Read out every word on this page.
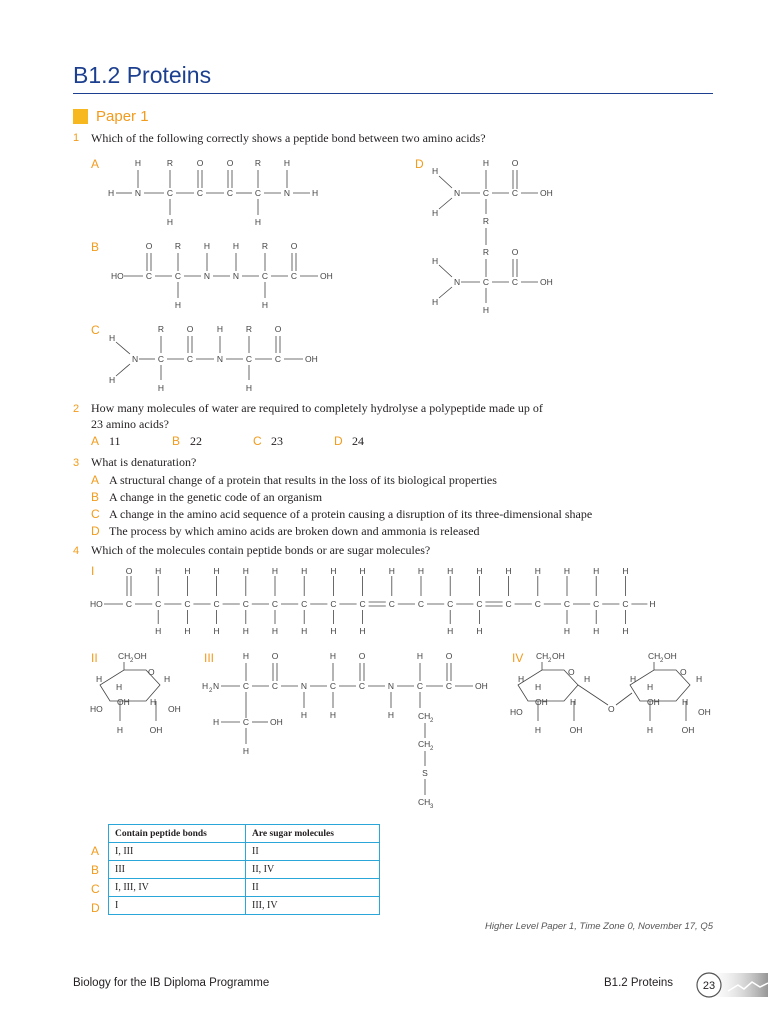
B1.2 Proteins
Paper 1
1 Which of the following correctly shows a peptide bond between two amino acids?
A
B
C
D
H	R	O	O	R	H
H N	C	C	C	C	N	H
H	H
O	R	H	H	R	O
HO	C	C	N	N	C	C	OH
H	H
R	O	H	R	O
H
H
N C	C	N	C	C	OH
H	H
H	O
H
H
N	C	C	OH
R
R	O
H
H
N	C	C	OH
H
2 How many molecules of water are required to completely hydrolyse a polypeptide made up of
23 amino acids?
A 11	B 22	C 23	D 24
3 What is denaturation?
A A structural change of a protein that results in the loss of its biological properties
B A change in the genetic code of an organism
C A change in the amino acid sequence of a protein causing a disruption of its three-dimensional shape
D The process by which amino acids are broken down and ammonia is released
4 Which of the molecules contain peptide bonds or are sugar molecules?
I
II	III	IV
HO	C
O
C
H
H
C
H
H
C
H
H
C
H
H
C
H
H
C
H
H
C
H
H
C
H
H
C
H
C
H
C
H
H
C
H
H
C
H
C
H
C
H
H
C
H
H
C
H
H
H
CH 2 OH
. O
H
H
H
OH H
HO	OH
H	OH
H	O	H	O	H	O
H 2 N	C	C	N	C	C	N	C	C	OH
H	H	H	CH 2
H	C OH
H
CH 2
S
CH 3
CH 2 OH
O
H
H
H
OH	H
HO
H	OH
O
CH 2 OH
O
H
H
H
OH	H
OH
H	OH
Contain peptide bonds	Are sugar molecules
I, III	II
III	II, IV
I, III, IV	II
I	III, IV
A
B
C
D
Higher Level Paper 1, Time Zone 0, November 17, Q5
Biology for the IB Diploma Programme	B1.2 Proteins	23
